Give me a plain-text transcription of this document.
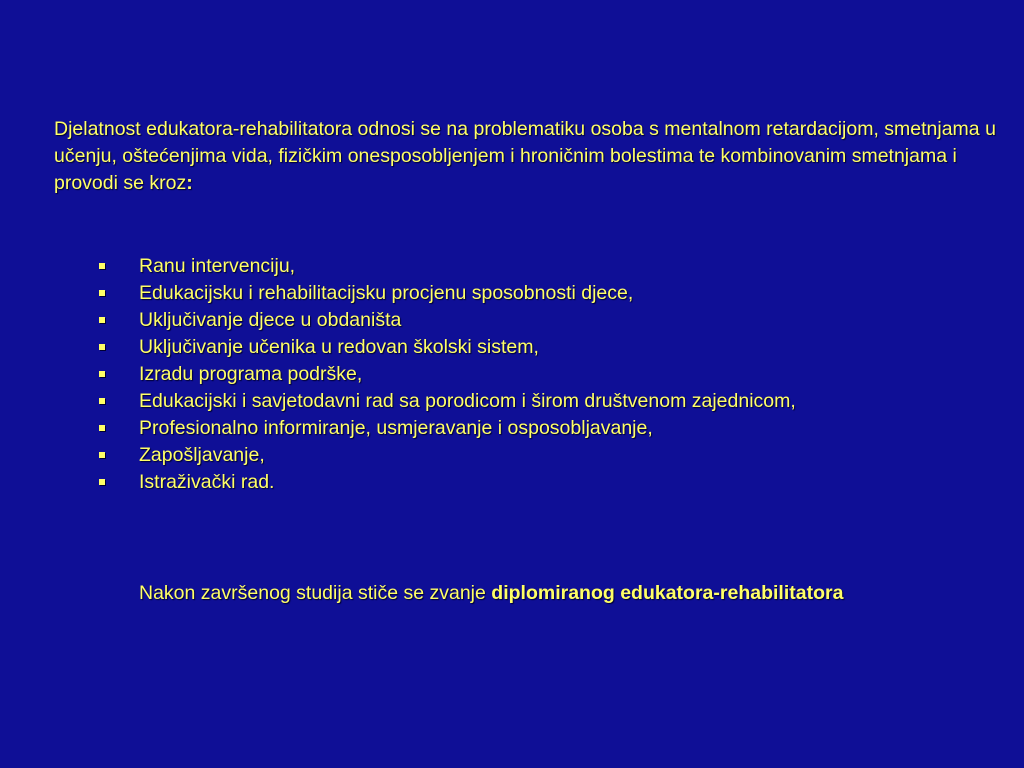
Djelatnost edukatora-rehabilitatora odnosi se na problematiku osoba s mentalnom retardacijom, smetnjama u učenju, oštećenjima vida, fizičkim onesposobljenjem i hroničnim bolestima te kombinovanim smetnjama i provodi se kroz:

Ranu intervenciju,
Edukacijsku i rehabilitacijsku procjenu sposobnosti djece,
Uključivanje djece u obdaništa
Uključivanje učenika u redovan školski sistem,
Izradu programa podrške,
Edukacijski i savjetodavni rad sa porodicom i širom društvenom zajednicom,
Profesionalno informiranje, usmjeravanje i osposobljavanje,
Zapošljavanje,
Istraživački rad.

Nakon završenog studija stiče se zvanje diplomiranog edukatora-rehabilitatora
